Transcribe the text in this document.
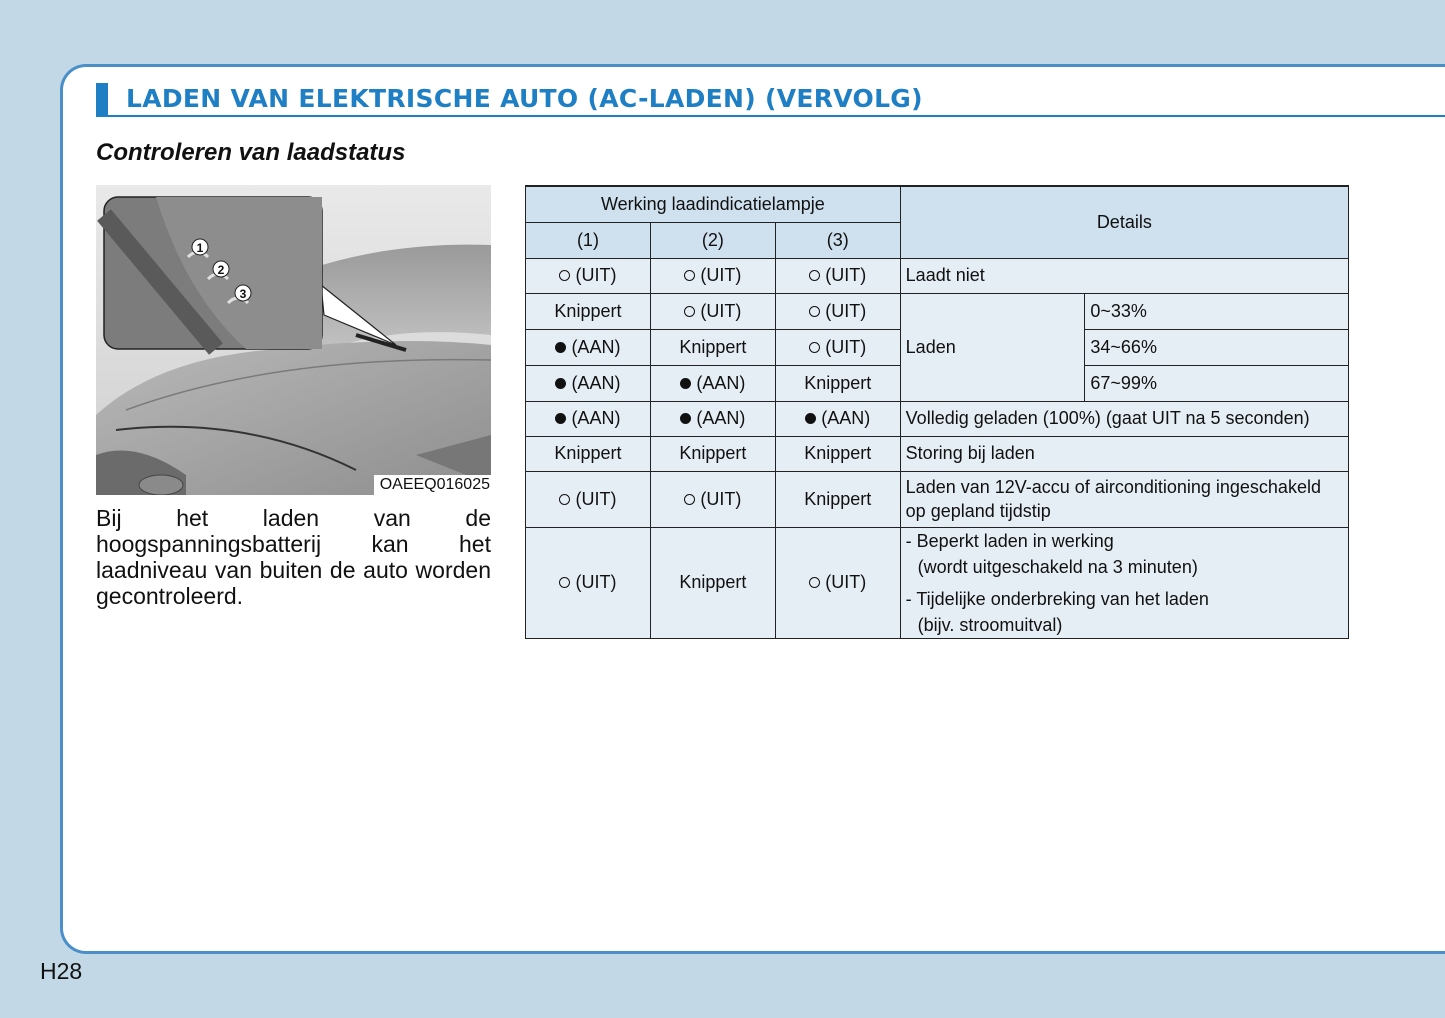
LADEN VAN ELEKTRISCHE AUTO (AC-LADEN) (VERVOLG)
Controleren van laadstatus
1
2
3
OAEEQ016025
Bij het laden van de hoogspanningsbatterij kan het laadniveau van buiten de auto worden gecontroleerd.
Werking laadindicatielampje			Details	
(1)	(2)	(3)		
(UIT)	(UIT)	(UIT)	Laadt niet	
Knippert	(UIT)	(UIT)	Laden	0~33%
(AAN)	Knippert	(UIT)		34~66%
(AAN)	(AAN)	Knippert		67~99%
(AAN)	(AAN)	(AAN)	Volledig geladen (100%) (gaat UIT na 5 seconden)	
Knippert	Knippert	Knippert	Storing bij laden	
(UIT)	(UIT)	Knippert	Laden van 12V-accu of airconditioning ingeschakeld
op gepland tijdstip	

(UIT)	Knippert	(UIT)	- Beperkt laden in werking
(wordt uitgeschakeld na 3 minuten)
- Tijdelijke onderbreking van het laden
(bijv. stroomuitval)	
H28
